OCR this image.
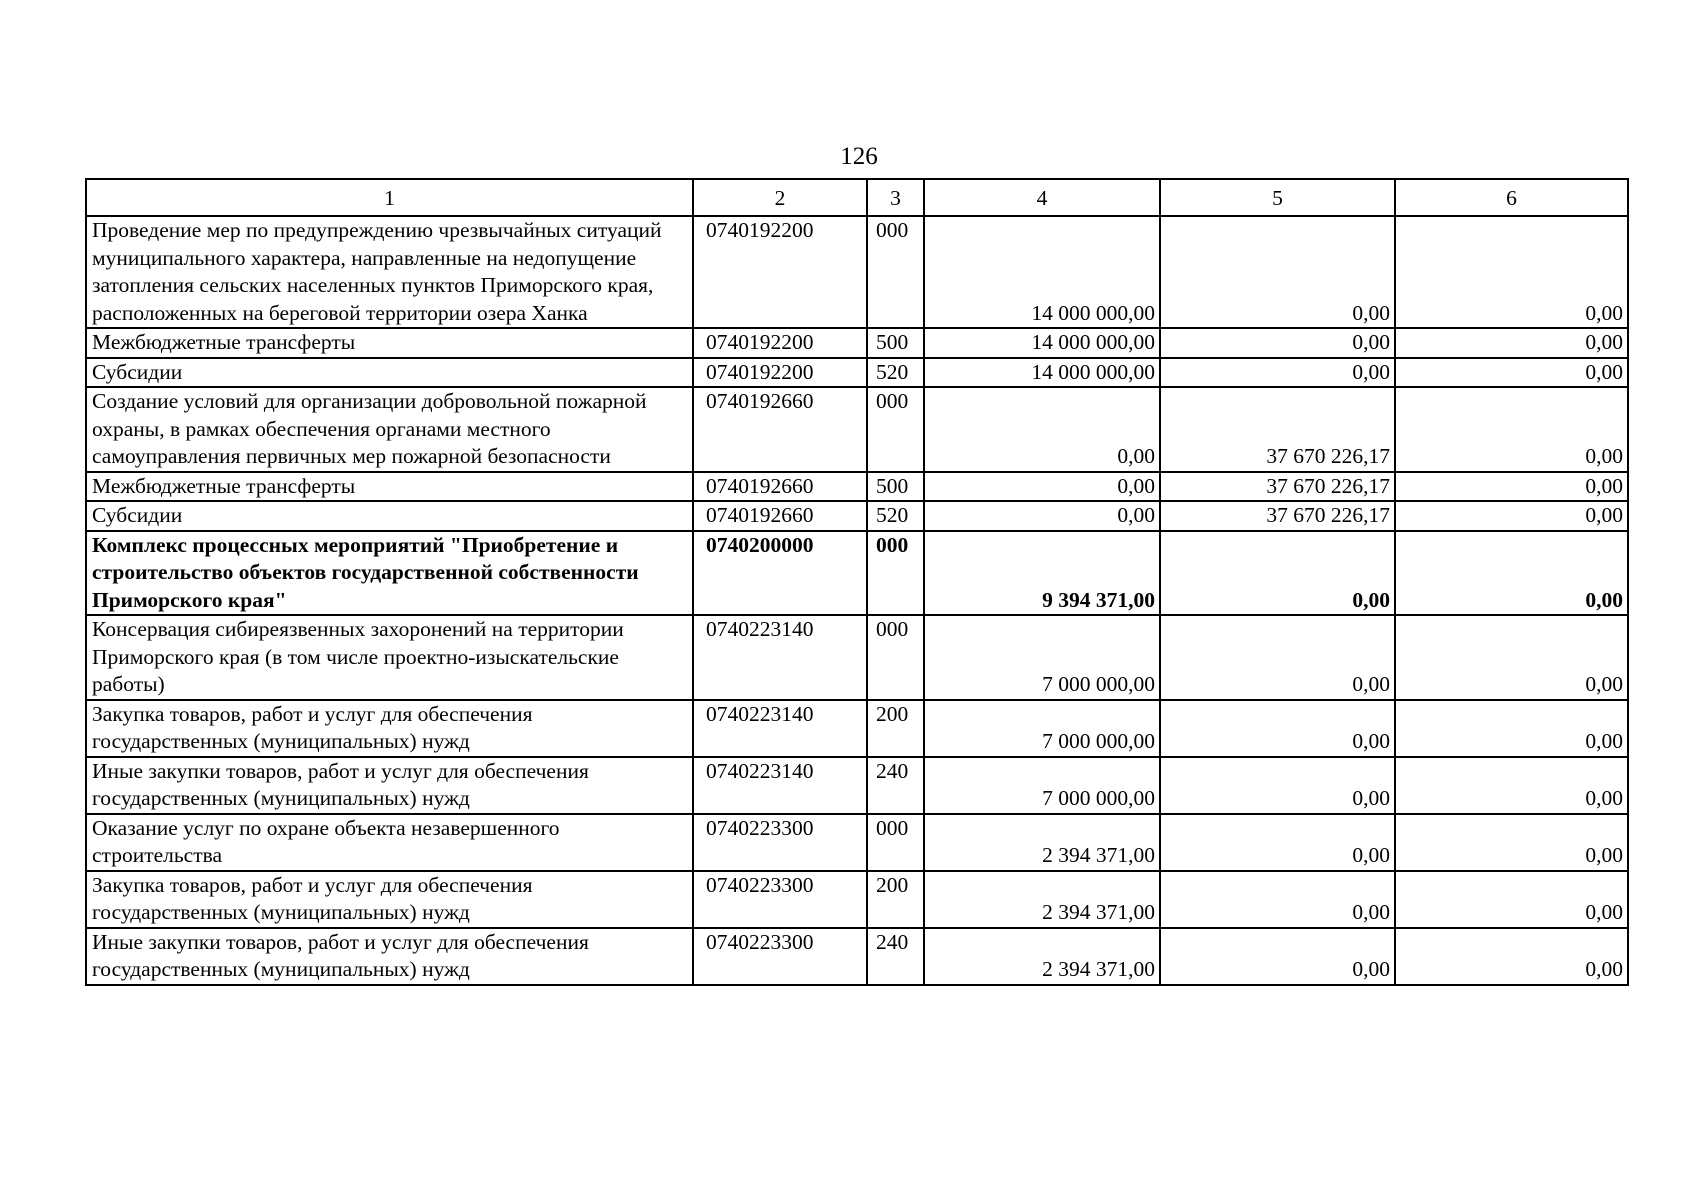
126
1	2	3	4	5	6
Проведение мер по предупреждению чрезвычайных ситуаций муниципального характера, направленные на недопущение затопления сельских населенных пунктов Приморского края, расположенных на береговой территории озера Ханка	0740192200	000	14 000 000,00	0,00	0,00
Межбюджетные трансферты	0740192200	500	14 000 000,00	0,00	0,00
Субсидии	0740192200	520	14 000 000,00	0,00	0,00
Создание условий для организации добровольной пожарной охраны, в рамках обеспечения органами местного самоуправления первичных мер пожарной безопасности	0740192660	000	0,00	37 670 226,17	0,00
Межбюджетные трансферты	0740192660	500	0,00	37 670 226,17	0,00
Субсидии	0740192660	520	0,00	37 670 226,17	0,00
Комплекс процессных мероприятий "Приобретение и строительство объектов государственной собственности Приморского края"	0740200000	000	9 394 371,00	0,00	0,00
Консервация сибиреязвенных захоронений на территории Приморского края (в том числе проектно-изыскательские работы)	0740223140	000	7 000 000,00	0,00	0,00
Закупка товаров, работ и услуг для обеспечения государственных (муниципальных) нужд	0740223140	200	7 000 000,00	0,00	0,00
Иные закупки товаров, работ и услуг для обеспечения государственных (муниципальных) нужд	0740223140	240	7 000 000,00	0,00	0,00
Оказание услуг по охране объекта незавершенного строительства	0740223300	000	2 394 371,00	0,00	0,00
Закупка товаров, работ и услуг для обеспечения государственных (муниципальных) нужд	0740223300	200	2 394 371,00	0,00	0,00
Иные закупки товаров, работ и услуг для обеспечения государственных (муниципальных) нужд	0740223300	240	2 394 371,00	0,00	0,00
